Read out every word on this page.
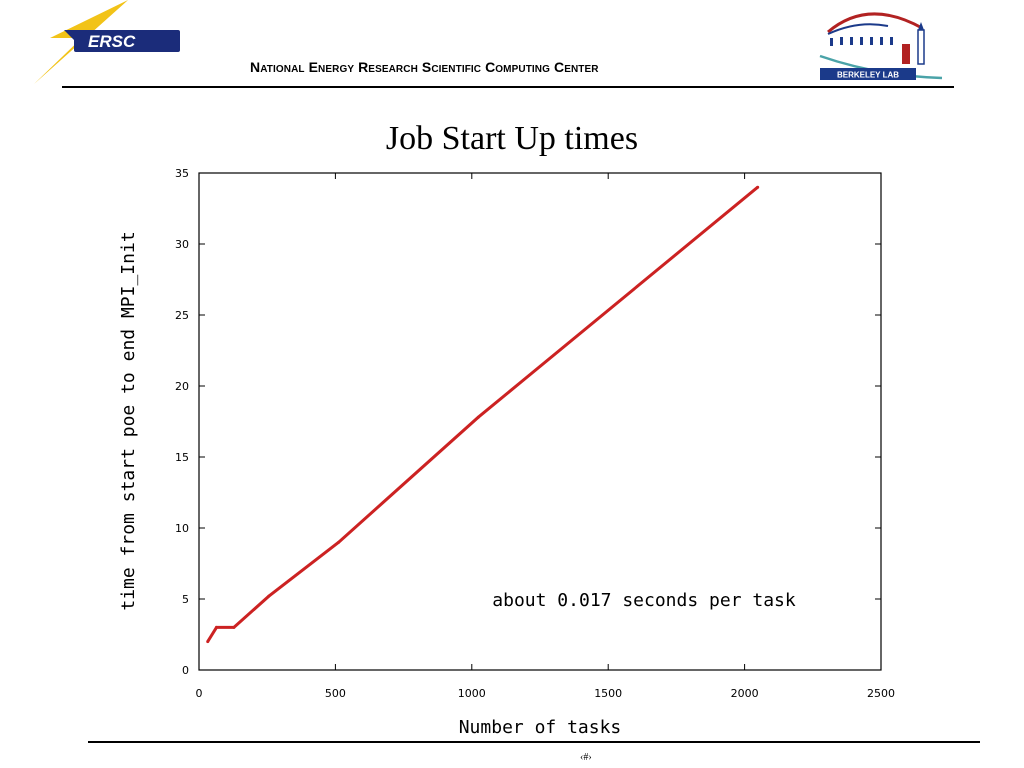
ERSC
National Energy Research Scientific Computing Center	BERKELEY LAB
Job Start Up times
0	500	1000	1500	2000	2500
0
5
10
15
20
25
30
35
Number of tasks
time from start poe to end MPI_Init	about 0.017 seconds per task
‹#›
